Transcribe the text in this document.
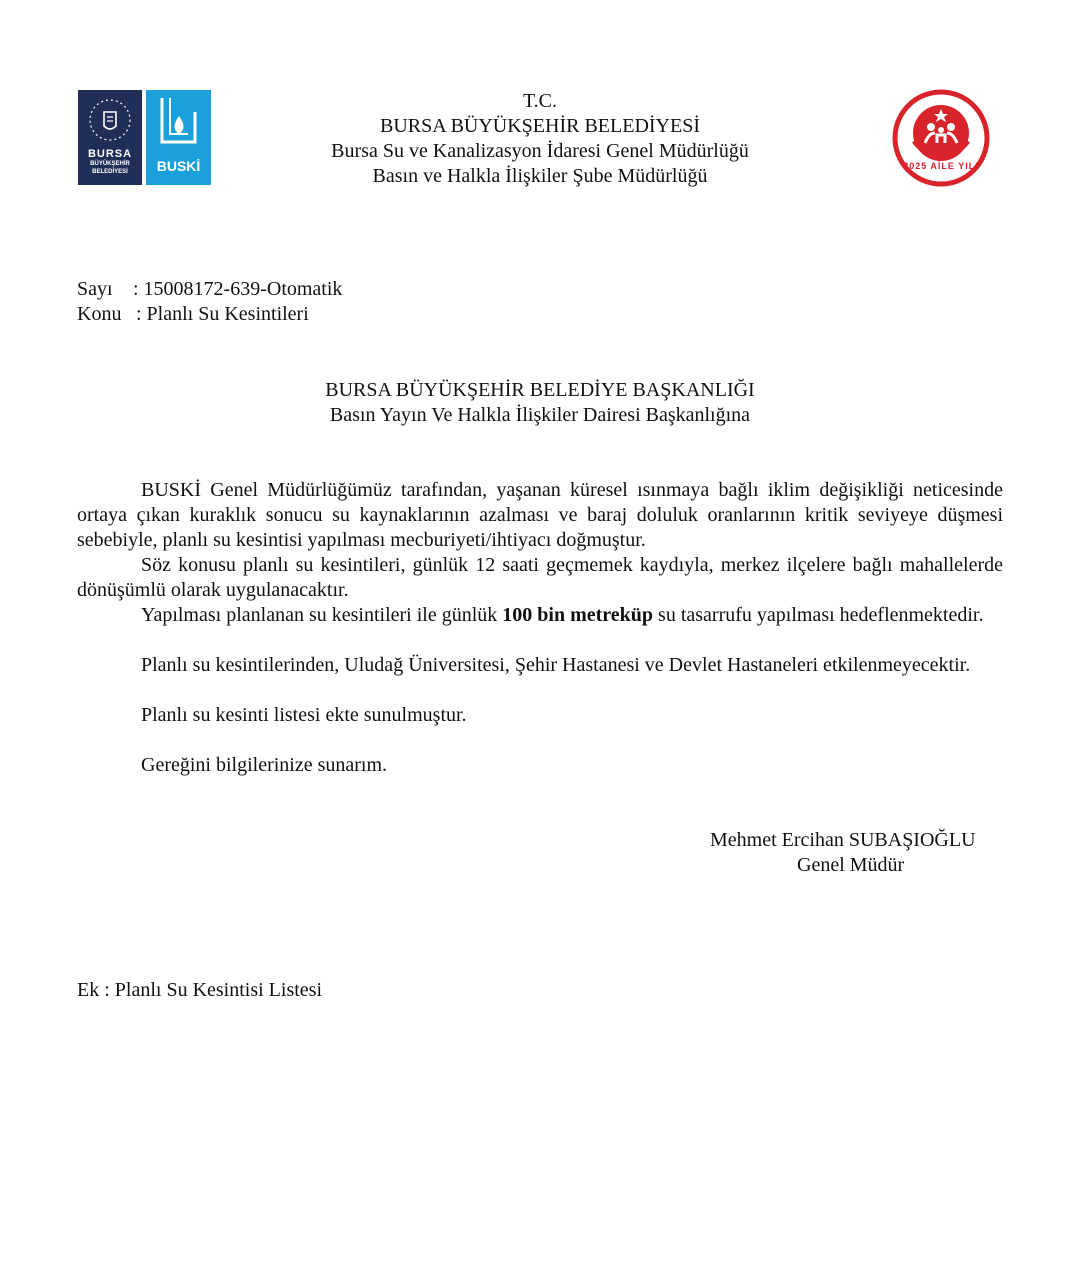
BURSA
BÜYÜKŞEHİR
BELEDİYESİ	BUSKİ	2025 AİLE YILI
T.C.
BURSA BÜYÜKŞEHİR BELEDİYESİ
Bursa Su ve Kanalizasyon İdaresi Genel Müdürlüğü
Basın ve Halkla İlişkiler Şube Müdürlüğü
Sayı : 15008172-639-Otomatik
Konu : Planlı Su Kesintileri
BURSA BÜYÜKŞEHİR BELEDİYE BAŞKANLIĞI
Basın Yayın Ve Halkla İlişkiler Dairesi Başkanlığına
BUSKİ Genel Müdürlüğümüz tarafından, yaşanan küresel ısınmaya bağlı iklim değişikliği neticesinde ortaya çıkan kuraklık sonucu su kaynaklarının azalması ve baraj doluluk oranlarının kritik seviyeye düşmesi sebebiyle, planlı su kesintisi yapılması mecburiyeti/ihtiyacı doğmuştur.
Söz konusu planlı su kesintileri, günlük 12 saati geçmemek kaydıyla, merkez ilçelere bağlı mahallelerde dönüşümlü olarak uygulanacaktır.
Yapılması planlanan su kesintileri ile günlük 100 bin metreküp su tasarrufu yapılması hedeflenmektedir.
Planlı su kesintilerinden, Uludağ Üniversitesi, Şehir Hastanesi ve Devlet Hastaneleri etkilenmeyecektir.
Planlı su kesinti listesi ekte sunulmuştur.
Gereğini bilgilerinize sunarım.
Mehmet Ercihan SUBAŞIOĞLU
Genel Müdür
Ek : Planlı Su Kesintisi Listesi
